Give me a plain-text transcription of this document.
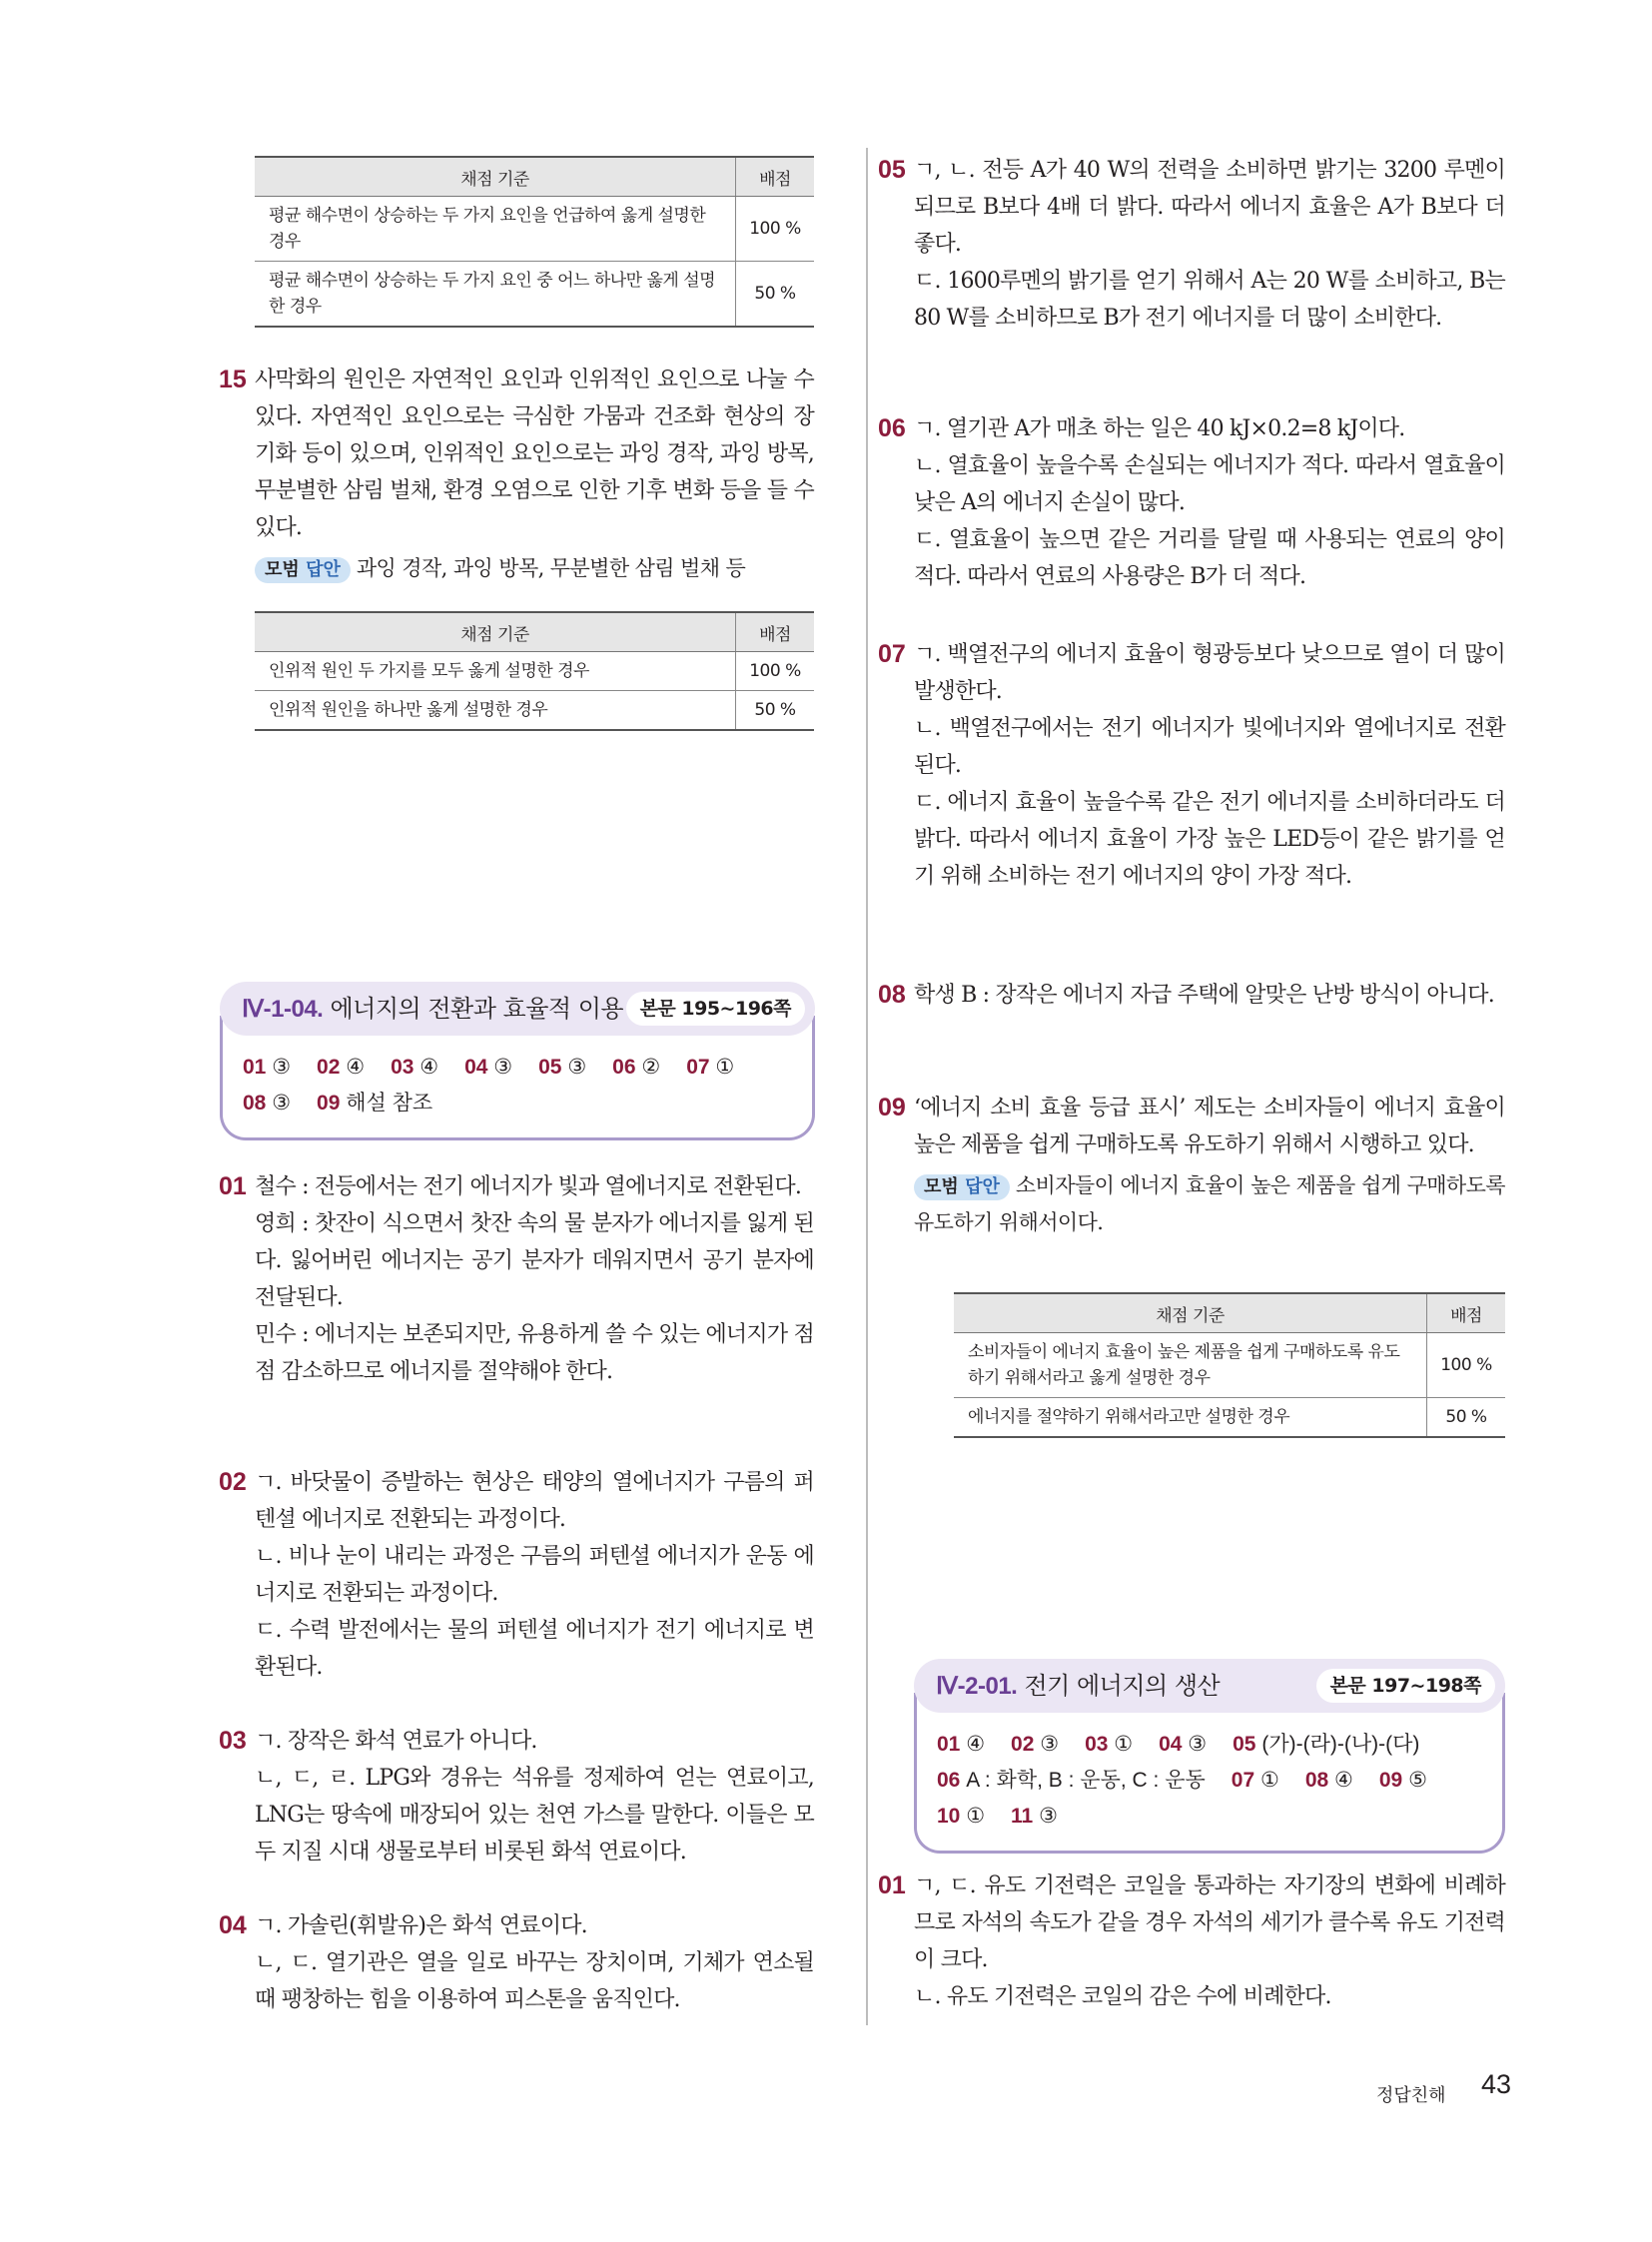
채점 기준	배점
평균 해수면이 상승하는 두 가지 요인을 언급하여 옳게 설명한 경우	100 %
평균 해수면이 상승하는 두 가지 요인 중 어느 하나만 옳게 설명한 경우	50 %
15 사막화의 원인은 자연적인 요인과 인위적인 요인으로 나눌 수 있다. 자연적인 요인으로는 극심한 가뭄과 건조화 현상의 장기화 등이 있으며, 인위적인 요인으로는 과잉 경작, 과잉 방목, 무분별한 삼림 벌채, 환경 오염으로 인한 기후 변화 등을 들 수 있다.

모범 답안 과잉 경작, 과잉 방목, 무분별한 삼림 벌채 등
채점 기준	배점
인위적 원인 두 가지를 모두 옳게 설명한 경우	100 %
인위적 원인을 하나만 옳게 설명한 경우	50 %
Ⅳ-1-04. 에너지의 전환과 효율적 이용 본문 195~196쪽
01 ③ 02 ④ 03 ④ 04 ③ 05 ③ 06 ② 07 ①
08 ③ 09 해설 참조
01 철수 : 전등에서는 전기 에너지가 빛과 열에너지로 전환된다.

영희 : 찻잔이 식으면서 찻잔 속의 물 분자가 에너지를 잃게 된다. 잃어버린 에너지는 공기 분자가 데워지면서 공기 분자에 전달된다.

민수 : 에너지는 보존되지만, 유용하게 쓸 수 있는 에너지가 점점 감소하므로 에너지를 절약해야 한다.

02 ㄱ. 바닷물이 증발하는 현상은 태양의 열에너지가 구름의 퍼텐셜 에너지로 전환되는 과정이다.

ㄴ. 비나 눈이 내리는 과정은 구름의 퍼텐셜 에너지가 운동 에너지로 전환되는 과정이다.

ㄷ. 수력 발전에서는 물의 퍼텐셜 에너지가 전기 에너지로 변환된다.

03 ㄱ. 장작은 화석 연료가 아니다.

ㄴ, ㄷ, ㄹ. LPG와 경유는 석유를 정제하여 얻는 연료이고, LNG는 땅속에 매장되어 있는 천연 가스를 말한다. 이들은 모두 지질 시대 생물로부터 비롯된 화석 연료이다.

04 ㄱ. 가솔린(휘발유)은 화석 연료이다.

ㄴ, ㄷ. 열기관은 열을 일로 바꾸는 장치이며, 기체가 연소될 때 팽창하는 힘을 이용하여 피스톤을 움직인다.

05 ㄱ, ㄴ. 전등 A가 40 W의 전력을 소비하면 밝기는 3200 루멘이 되므로 B보다 4배 더 밝다. 따라서 에너지 효율은 A가 B보다 더 좋다.

ㄷ. 1600루멘의 밝기를 얻기 위해서 A는 20 W를 소비하고, B는 80 W를 소비하므로 B가 전기 에너지를 더 많이 소비한다.

06 ㄱ. 열기관 A가 매초 하는 일은 40 kJ×0.2=8 kJ이다.

ㄴ. 열효율이 높을수록 손실되는 에너지가 적다. 따라서 열효율이 낮은 A의 에너지 손실이 많다.

ㄷ. 열효율이 높으면 같은 거리를 달릴 때 사용되는 연료의 양이 적다. 따라서 연료의 사용량은 B가 더 적다.

07 ㄱ. 백열전구의 에너지 효율이 형광등보다 낮으므로 열이 더 많이 발생한다.

ㄴ. 백열전구에서는 전기 에너지가 빛에너지와 열에너지로 전환된다.

ㄷ. 에너지 효율이 높을수록 같은 전기 에너지를 소비하더라도 더 밝다. 따라서 에너지 효율이 가장 높은 LED등이 같은 밝기를 얻기 위해 소비하는 전기 에너지의 양이 가장 적다.

08 학생 B : 장작은 에너지 자급 주택에 알맞은 난방 방식이 아니다.

09 ‘에너지 소비 효율 등급 표시’ 제도는 소비자들이 에너지 효율이 높은 제품을 쉽게 구매하도록 유도하기 위해서 시행하고 있다.

모범 답안 소비자들이 에너지 효율이 높은 제품을 쉽게 구매하도록 유도하기 위해서이다.
채점 기준	배점
소비자들이 에너지 효율이 높은 제품을 쉽게 구매하도록 유도하기 위해서라고 옳게 설명한 경우	100 %
에너지를 절약하기 위해서라고만 설명한 경우	50 %
Ⅳ-2-01. 전기 에너지의 생산	본문 197~198쪽
01 ④ 02 ③ 03 ① 04 ③ 05 (가)-(라)-(나)-(다)
06 A : 화학, B : 운동, C : 운동 07 ① 08 ④ 09 ⑤
10 ① 11 ③
01 ㄱ, ㄷ. 유도 기전력은 코일을 통과하는 자기장의 변화에 비례하므로 자석의 속도가 같을 경우 자석의 세기가 클수록 유도 기전력이 크다.

ㄴ. 유도 기전력은 코일의 감은 수에 비례한다.

정답친해 43
